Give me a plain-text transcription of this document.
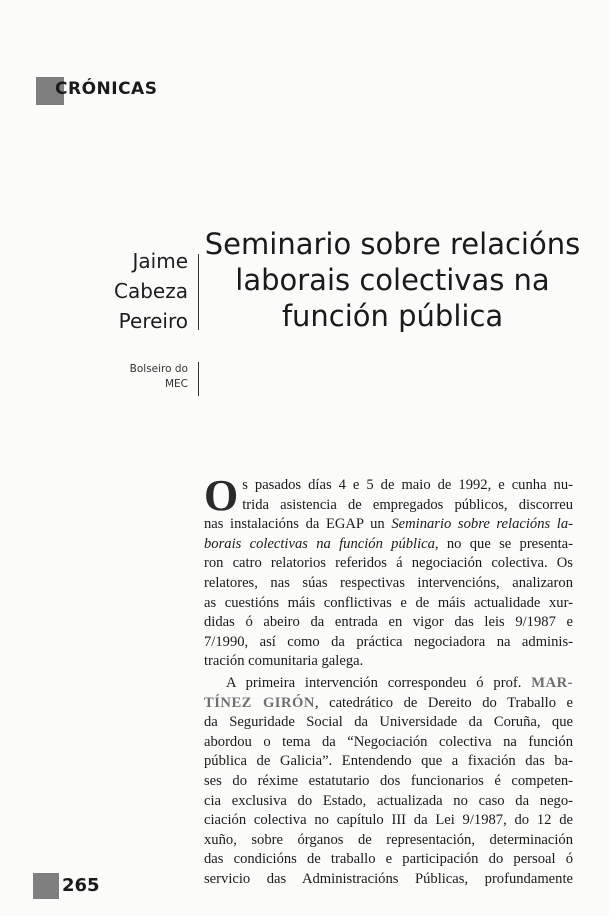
CRÓNICAS
Jaime
Cabeza
Pereiro
Bolseiro do
MEC
Seminario sobre relacións
laborais colectivas na
función pública
O s pasados días 4 e 5 de maio de 1992, e cunha nu-
trida asistencia de empregados públicos, discorreu
nas instalacións da EGAP un Seminario sobre relacións la-
borais colectivas na función pública, no que se presenta-
ron catro relatorios referidos á negociación colectiva. Os
relatores, nas súas respectivas intervencións, analizaron
as cuestións máis conflictivas e de máis actualidade xur-
didas ó abeiro da entrada en vigor das leis 9/1987 e
7/1990, así como da práctica negociadora na adminis-
tración comunitaria galega.
A primeira intervención correspondeu ó prof. MAR-
TÍNEZ GIRÓN, catedrático de Dereito do Traballo e
da Seguridade Social da Universidade da Coruña, que
abordou o tema da “Negociación colectiva na función
pública de Galicia”. Entendendo que a fixación das ba-
ses do réxime estatutario dos funcionarios é competen-
cia exclusiva do Estado, actualizada no caso da nego-
ciación colectiva no capítulo III da Lei 9/1987, do 12 de
xuño, sobre órganos de representación, determinación
das condicións de traballo e participación do persoal ó
servicio das Administracións Públicas, profundamente
265
